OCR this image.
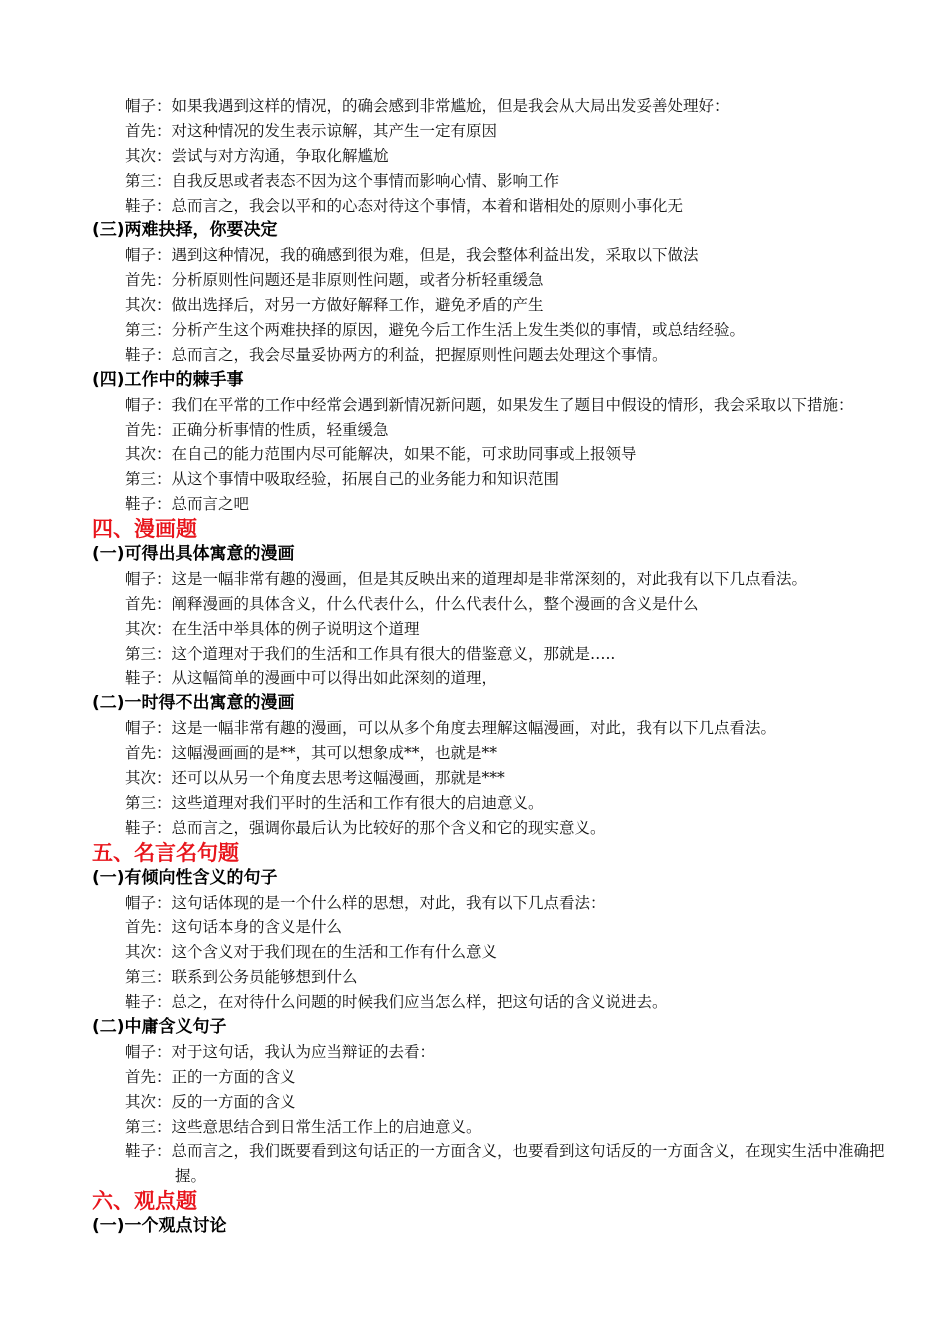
帽子：如果我遇到这样的情况，的确会感到非常尴尬，但是我会从大局出发妥善处理好：
首先：对这种情况的发生表示谅解，其产生一定有原因
其次：尝试与对方沟通，争取化解尴尬
第三：自我反思或者表态不因为这个事情而影响心情、影响工作
鞋子：总而言之，我会以平和的心态对待这个事情，本着和谐相处的原则小事化无
(三)两难抉择，你要决定
帽子：遇到这种情况，我的确感到很为难，但是，我会整体利益出发，采取以下做法
首先：分析原则性问题还是非原则性问题，或者分析轻重缓急
其次：做出选择后，对另一方做好解释工作，避免矛盾的产生
第三：分析产生这个两难抉择的原因，避免今后工作生活上发生类似的事情，或总结经验。
鞋子：总而言之，我会尽量妥协两方的利益，把握原则性问题去处理这个事情。
(四)工作中的棘手事
帽子：我们在平常的工作中经常会遇到新情况新问题，如果发生了题目中假设的情形，我会采取以下措施：
首先：正确分析事情的性质，轻重缓急
其次：在自己的能力范围内尽可能解决，如果不能，可求助同事或上报领导
第三：从这个事情中吸取经验，拓展自己的业务能力和知识范围
鞋子：总而言之吧
四、漫画题
(一)可得出具体寓意的漫画
帽子：这是一幅非常有趣的漫画，但是其反映出来的道理却是非常深刻的，对此我有以下几点看法。
首先：阐释漫画的具体含义，什么代表什么，什么代表什么，整个漫画的含义是什么
其次：在生活中举具体的例子说明这个道理
第三：这个道理对于我们的生活和工作具有很大的借鉴意义，那就是…..
鞋子：从这幅简单的漫画中可以得出如此深刻的道理，
(二)一时得不出寓意的漫画
帽子：这是一幅非常有趣的漫画，可以从多个角度去理解这幅漫画，对此，我有以下几点看法。
首先：这幅漫画画的是**，其可以想象成**，也就是**
其次：还可以从另一个角度去思考这幅漫画，那就是***
第三：这些道理对我们平时的生活和工作有很大的启迪意义。
鞋子：总而言之，强调你最后认为比较好的那个含义和它的现实意义。
五、名言名句题
(一)有倾向性含义的句子
帽子：这句话体现的是一个什么样的思想，对此，我有以下几点看法：
首先：这句话本身的含义是什么
其次：这个含义对于我们现在的生活和工作有什么意义
第三：联系到公务员能够想到什么
鞋子：总之，在对待什么问题的时候我们应当怎么样，把这句话的含义说进去。
(二)中庸含义句子
帽子：对于这句话，我认为应当辩证的去看：
首先：正的一方面的含义
其次：反的一方面的含义
第三：这些意思结合到日常生活工作上的启迪意义。
鞋子：总而言之，我们既要看到这句话正的一方面含义，也要看到这句话反的一方面含义，在现实生活中准确把握。
六、观点题
(一)一个观点讨论
